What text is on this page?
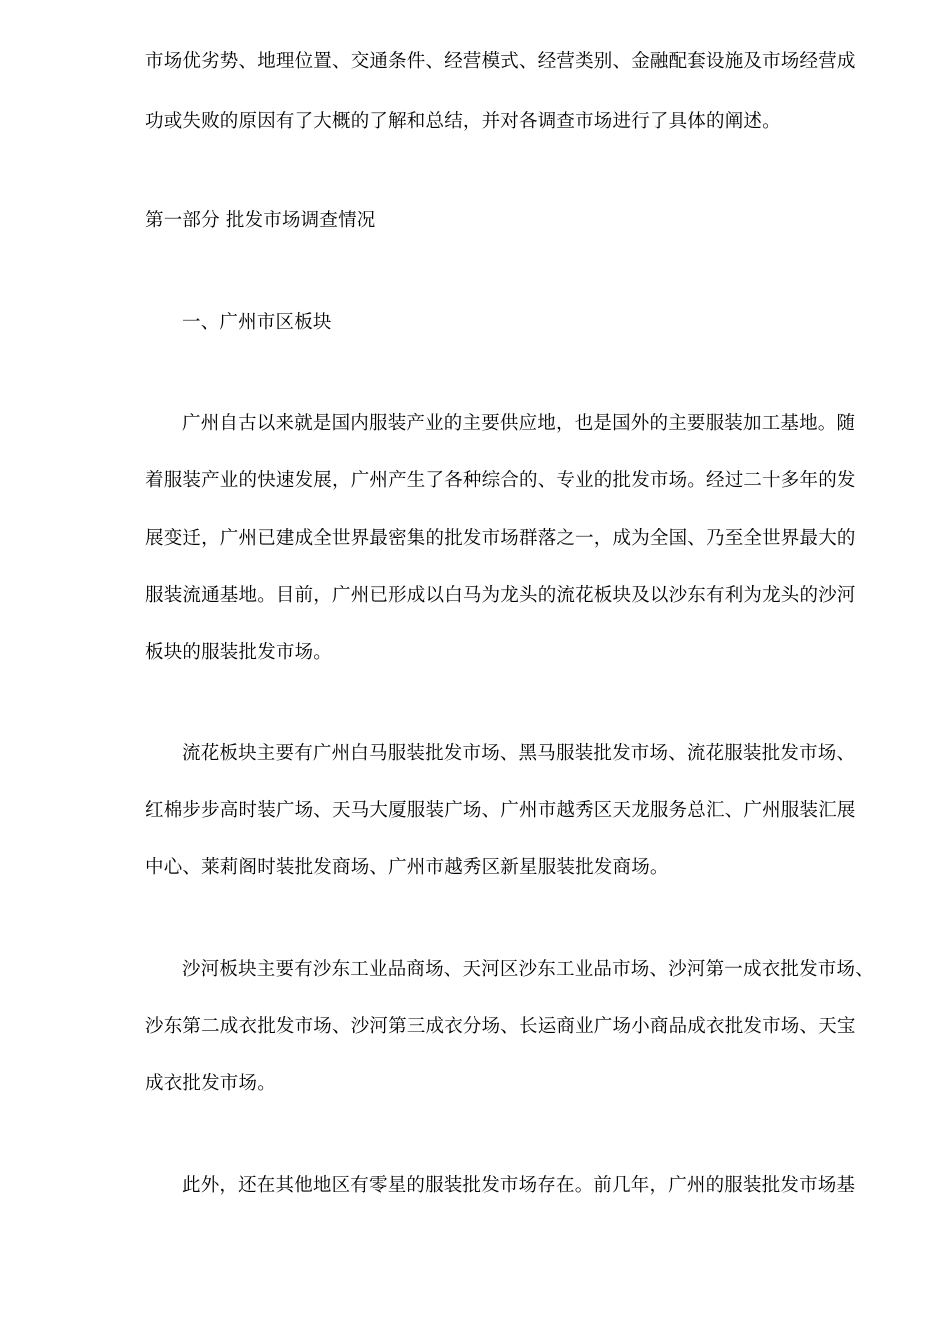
市场优劣势、地理位置、交通条件、经营模式、经营类别、金融配套设施及市场经营成
功或失败的原因有了大概的了解和总结，并对各调查市场进行了具体的阐述。
第一部分 批发市场调查情况
一、广州市区板块
广州自古以来就是国内服装产业的主要供应地，也是国外的主要服装加工基地。随
着服装产业的快速发展，广州产生了各种综合的、专业的批发市场。经过二十多年的发
展变迁，广州已建成全世界最密集的批发市场群落之一，成为全国、乃至全世界最大的
服装流通基地。目前，广州已形成以白马为龙头的流花板块及以沙东有利为龙头的沙河
板块的服装批发市场。
流花板块主要有广州白马服装批发市场、黑马服装批发市场、流花服装批发市场、
红棉步步高时装广场、天马大厦服装广场、广州市越秀区天龙服务总汇、广州服装汇展
中心、莱莉阁时装批发商场、广州市越秀区新星服装批发商场。
沙河板块主要有沙东工业品商场、天河区沙东工业品市场、沙河第一成衣批发市场、
沙东第二成衣批发市场、沙河第三成衣分场、长运商业广场小商品成衣批发市场、天宝
成衣批发市场。
此外，还在其他地区有零星的服装批发市场存在。前几年，广州的服装批发市场基
